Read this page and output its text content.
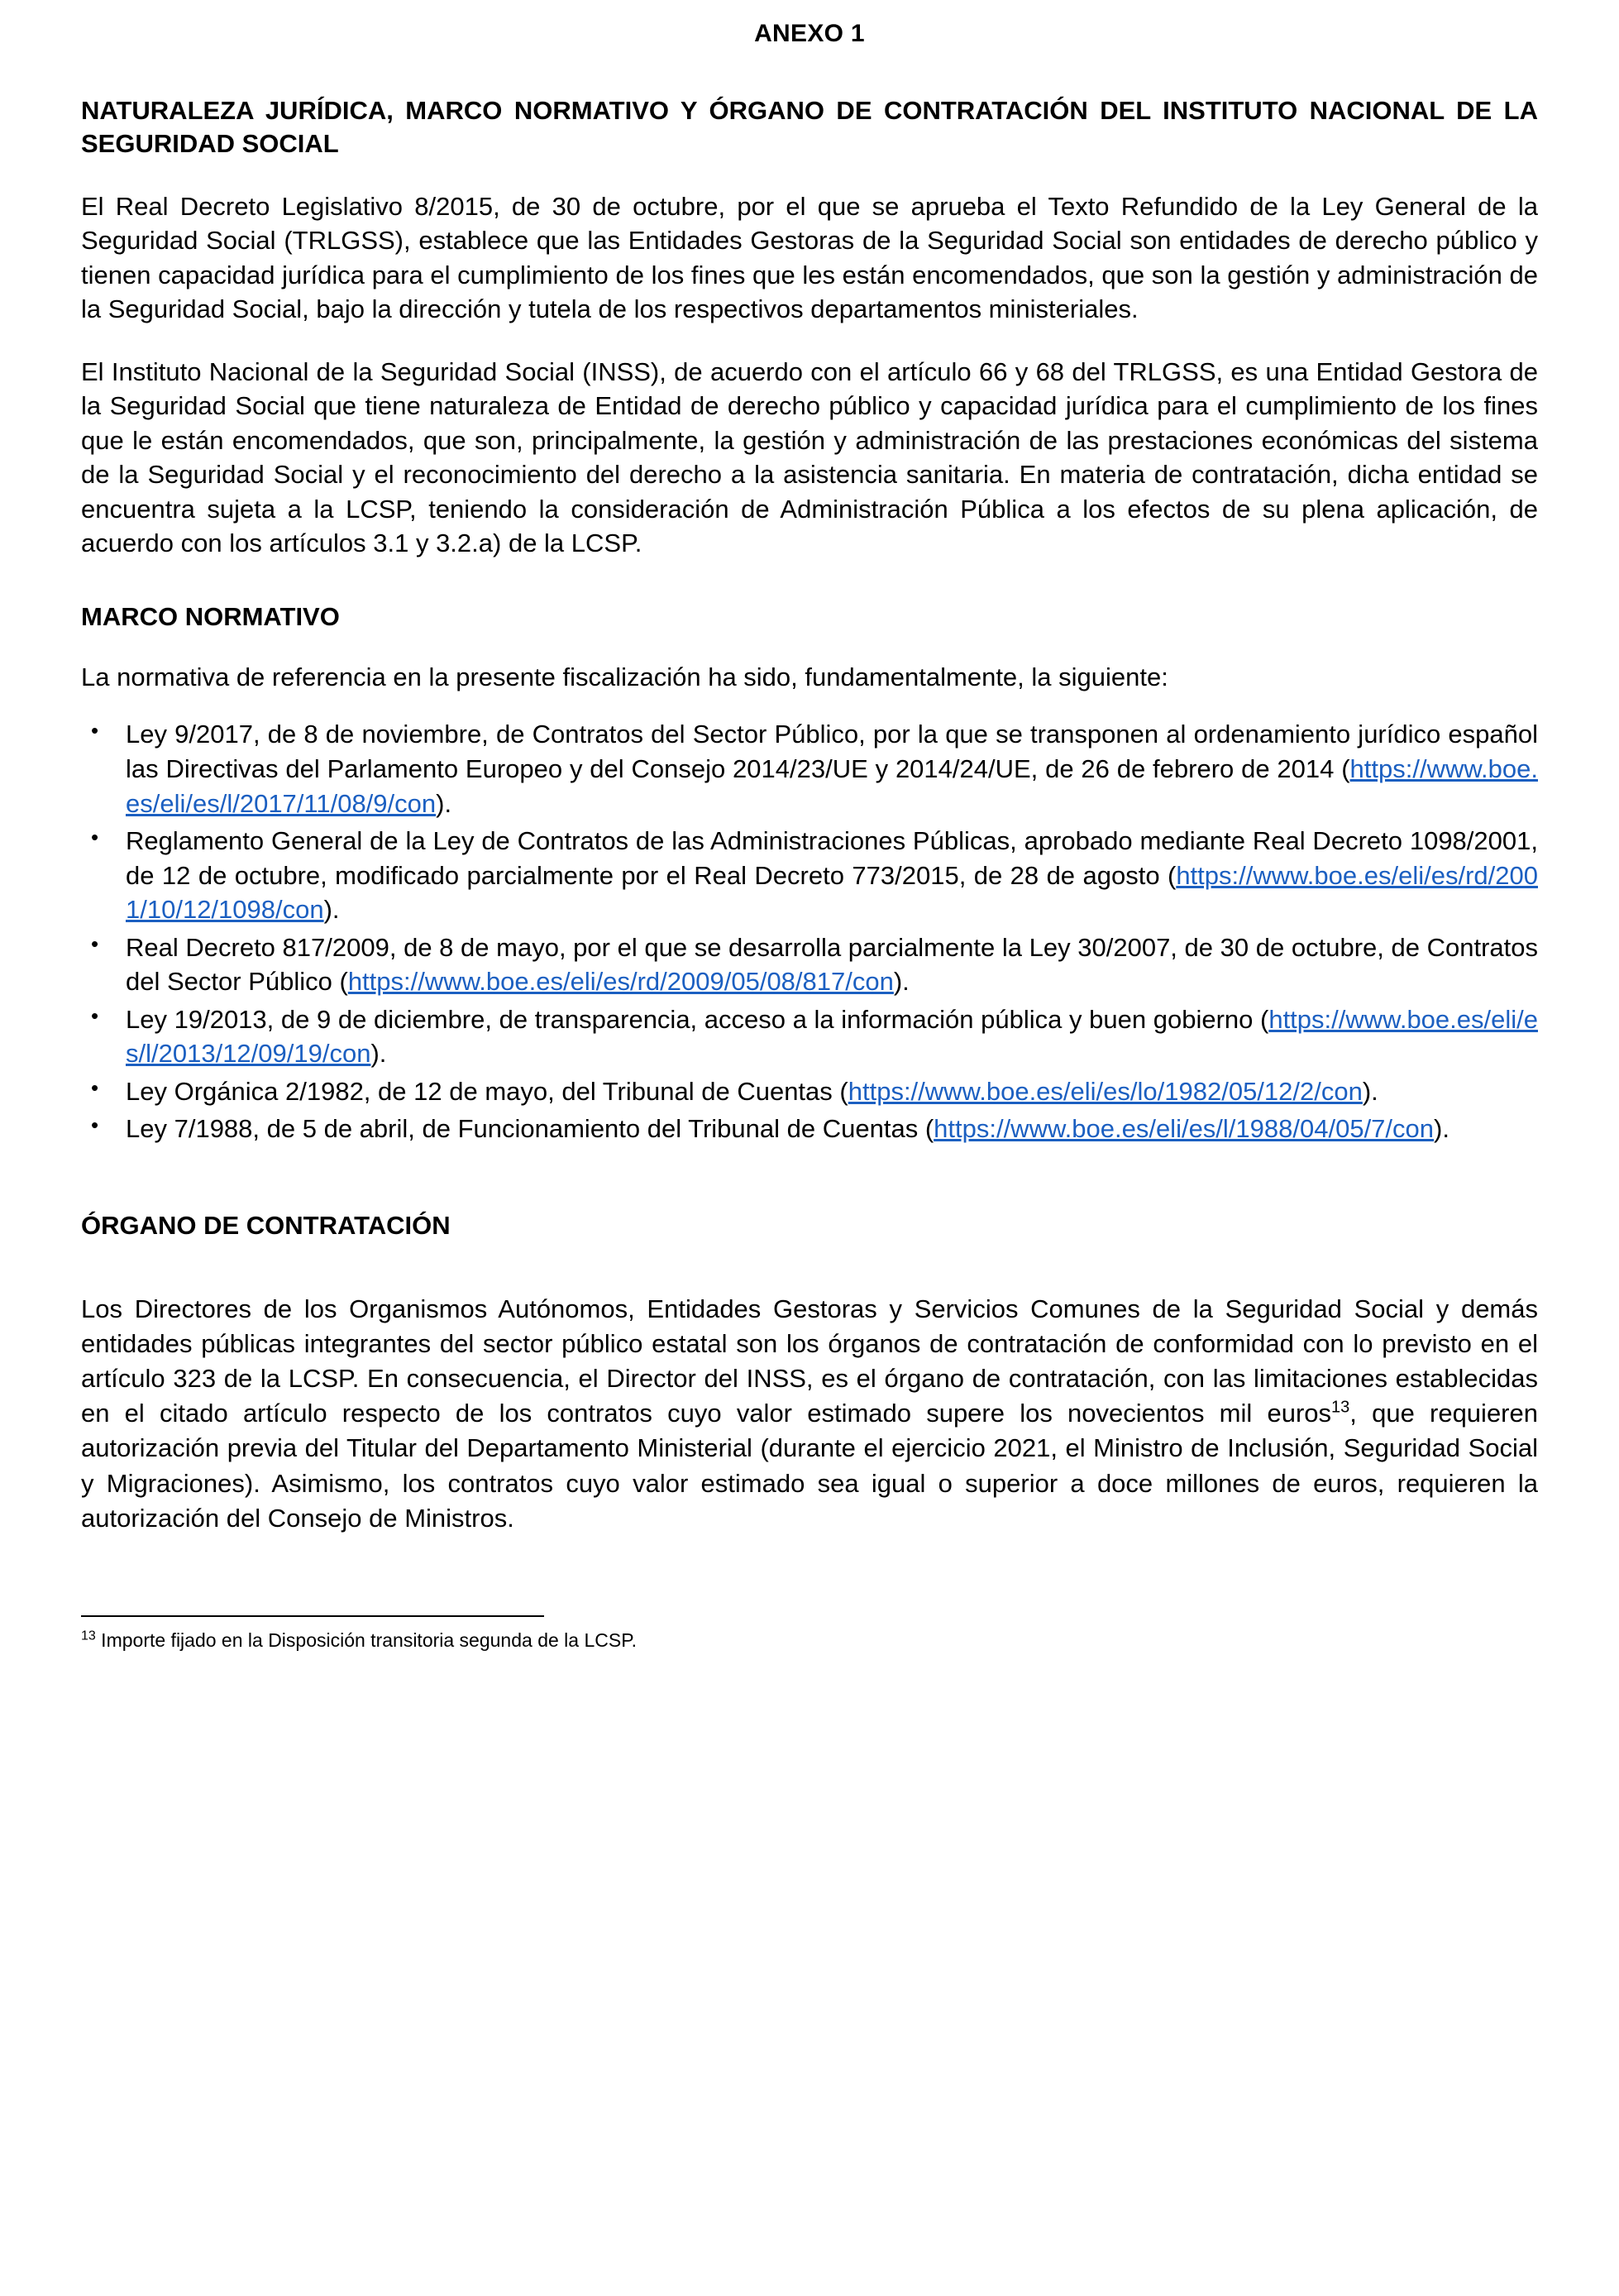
ANEXO 1
NATURALEZA JURÍDICA, MARCO NORMATIVO Y ÓRGANO DE CONTRATACIÓN DEL INSTITUTO NACIONAL DE LA SEGURIDAD SOCIAL

El Real Decreto Legislativo 8/2015, de 30 de octubre, por el que se aprueba el Texto Refundido de la Ley General de la Seguridad Social (TRLGSS), establece que las Entidades Gestoras de la Seguridad Social son entidades de derecho público y tienen capacidad jurídica para el cumplimiento de los fines que les están encomendados, que son la gestión y administración de la Seguridad Social, bajo la dirección y tutela de los respectivos departamentos ministeriales.

El Instituto Nacional de la Seguridad Social (INSS), de acuerdo con el artículo 66 y 68 del TRLGSS, es una Entidad Gestora de la Seguridad Social que tiene naturaleza de Entidad de derecho público y capacidad jurídica para el cumplimiento de los fines que le están encomendados, que son, principalmente, la gestión y administración de las prestaciones económicas del sistema de la Seguridad Social y el reconocimiento del derecho a la asistencia sanitaria. En materia de contratación, dicha entidad se encuentra sujeta a la LCSP, teniendo la consideración de Administración Pública a los efectos de su plena aplicación, de acuerdo con los artículos 3.1 y 3.2.a) de la LCSP.

MARCO NORMATIVO

La normativa de referencia en la presente fiscalización ha sido, fundamentalmente, la siguiente:

• Ley 9/2017, de 8 de noviembre, de Contratos del Sector Público, por la que se transponen al ordenamiento jurídico español las Directivas del Parlamento Europeo y del Consejo 2014/23/UE y 2014/24/UE, de 26 de febrero de 2014 (https://www.boe.es/eli/es/l/2017/11/08/9/con).
• Reglamento General de la Ley de Contratos de las Administraciones Públicas, aprobado mediante Real Decreto 1098/2001, de 12 de octubre, modificado parcialmente por el Real Decreto 773/2015, de 28 de agosto (https://www.boe.es/eli/es/rd/2001/10/12/1098/con).
• Real Decreto 817/2009, de 8 de mayo, por el que se desarrolla parcialmente la Ley 30/2007, de 30 de octubre, de Contratos del Sector Público (https://www.boe.es/eli/es/rd/2009/05/08/817/con).
• Ley 19/2013, de 9 de diciembre, de transparencia, acceso a la información pública y buen gobierno (https://www.boe.es/eli/es/l/2013/12/09/19/con).
• Ley Orgánica 2/1982, de 12 de mayo, del Tribunal de Cuentas (https://www.boe.es/eli/es/lo/1982/05/12/2/con).
• Ley 7/1988, de 5 de abril, de Funcionamiento del Tribunal de Cuentas (https://www.boe.es/eli/es/l/1988/04/05/7/con).
ÓRGANO DE CONTRATACIÓN

Los Directores de los Organismos Autónomos, Entidades Gestoras y Servicios Comunes de la Seguridad Social y demás entidades públicas integrantes del sector público estatal son los órganos de contratación de conformidad con lo previsto en el artículo 323 de la LCSP. En consecuencia, el Director del INSS, es el órgano de contratación, con las limitaciones establecidas en el citado artículo respecto de los contratos cuyo valor estimado supere los novecientos mil euros$^{13}$, que requieren autorización previa del Titular del Departamento Ministerial (durante el ejercicio 2021, el Ministro de Inclusión, Seguridad Social y Migraciones). Asimismo, los contratos cuyo valor estimado sea igual o superior a doce millones de euros, requieren la autorización del Consejo de Ministros.

$^{13}$ Importe fijado en la Disposición transitoria segunda de la LCSP.
